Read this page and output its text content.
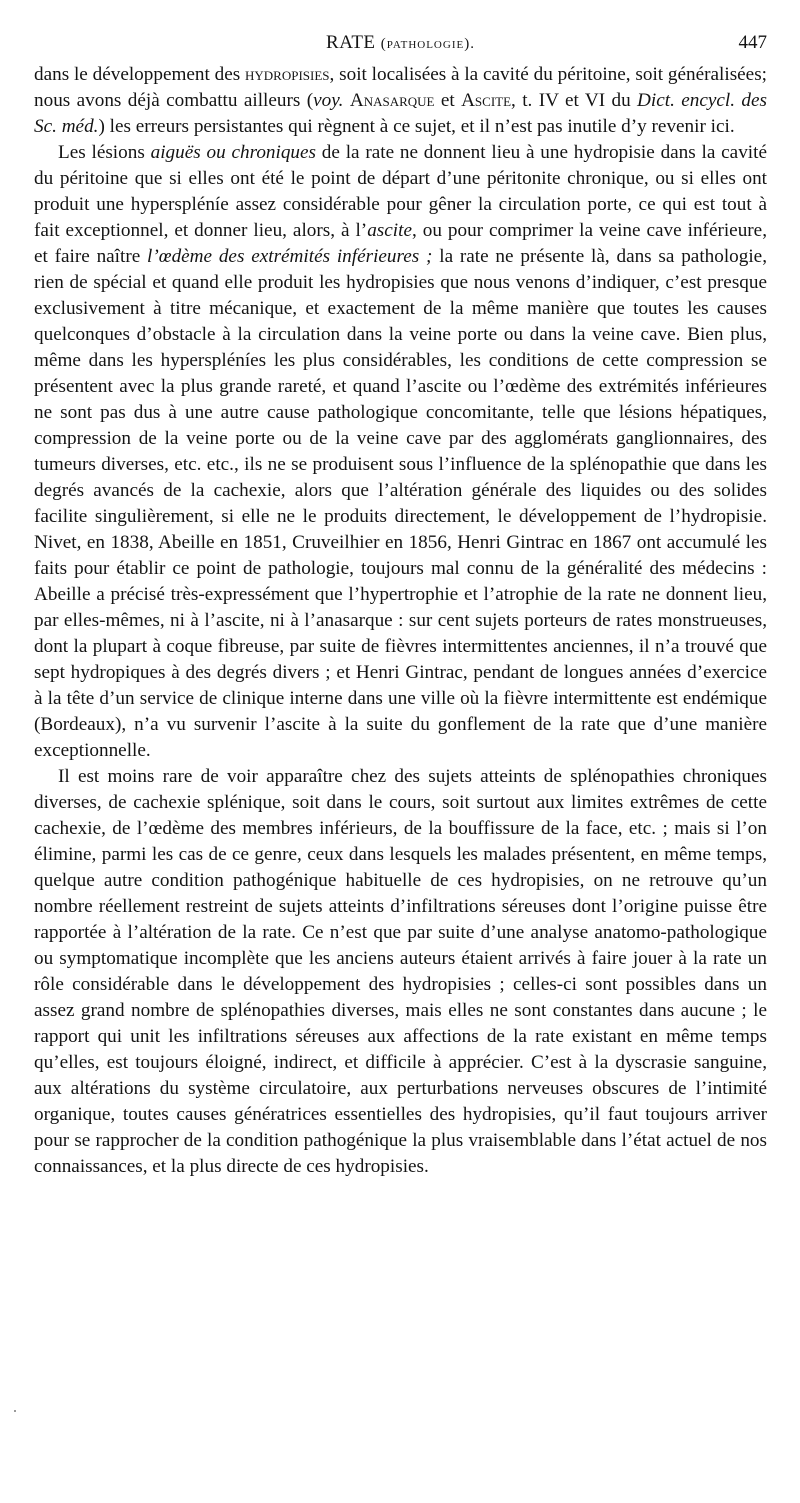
RATE (pathologie).	447

dans le développement des hydropisies, soit localisées à la cavité du péritoine, soit généralisées; nous avons déjà combattu ailleurs (voy. Anasarque et Ascite, t. IV et VI du Dict. encycl. des Sc. méd.) les erreurs persistantes qui règnent à ce sujet, et il n’est pas inutile d’y revenir ici.

Les lésions aiguës ou chroniques de la rate ne donnent lieu à une hydropisie dans la cavité du péritoine que si elles ont été le point de départ d’une péritonite chronique, ou si elles ont produit une hyperspléníe assez considérable pour gêner la circulation porte, ce qui est tout à fait exceptionnel, et donner lieu, alors, à l’ascite, ou pour comprimer la veine cave inférieure, et faire naître l’œdème des extrémités inférieures ; la rate ne présente là, dans sa pathologie, rien de spécial et quand elle produit les hydropisies que nous venons d’indiquer, c’est presque exclusivement à titre mécanique, et exactement de la même manière que toutes les causes quelconques d’obstacle à la circulation dans la veine porte ou dans la veine cave. Bien plus, même dans les hyperspléníes les plus considérables, les conditions de cette compression se présentent avec la plus grande rareté, et quand l’ascite ou l’œdème des extrémités inférieures ne sont pas dus à une autre cause pathologique concomitante, telle que lésions hépatiques, compression de la veine porte ou de la veine cave par des agglomérats ganglionnaires, des tumeurs diverses, etc. etc., ils ne se produisent sous l’influence de la splénopathie que dans les degrés avancés de la cachexie, alors que l’altération générale des liquides ou des solides facilite singulièrement, si elle ne le produits directement, le développement de l’hydropisie. Nivet, en 1838, Abeille en 1851, Cruveilhier en 1856, Henri Gintrac en 1867 ont accumulé les faits pour établir ce point de pathologie, toujours mal connu de la généralité des médecins : Abeille a précisé très-expressément que l’hypertrophie et l’atrophie de la rate ne donnent lieu, par elles-mêmes, ni à l’ascite, ni à l’anasarque : sur cent sujets porteurs de rates monstrueuses, dont la plupart à coque fibreuse, par suite de fièvres intermittentes anciennes, il n’a trouvé que sept hydropiques à des degrés divers ; et Henri Gintrac, pendant de longues années d’exercice à la tête d’un service de clinique interne dans une ville où la fièvre intermittente est endémique (Bordeaux), n’a vu survenir l’ascite à la suite du gonflement de la rate que d’une manière exceptionnelle.

Il est moins rare de voir apparaître chez des sujets atteints de splénopathies chroniques diverses, de cachexie splénique, soit dans le cours, soit surtout aux limites extrêmes de cette cachexie, de l’œdème des membres inférieurs, de la bouffissure de la face, etc. ; mais si l’on élimine, parmi les cas de ce genre, ceux dans lesquels les malades présentent, en même temps, quelque autre condition pathogénique habituelle de ces hydropisies, on ne retrouve qu’un nombre réellement restreint de sujets atteints d’infiltrations séreuses dont l’origine puisse être rapportée à l’altération de la rate. Ce n’est que par suite d’une analyse anatomo-pathologique ou symptomatique incomplète que les anciens auteurs étaient arrivés à faire jouer à la rate un rôle considérable dans le développement des hydropisies ; celles-ci sont possibles dans un assez grand nombre de splénopathies diverses, mais elles ne sont constantes dans aucune ; le rapport qui unit les infiltrations séreuses aux affections de la rate existant en même temps qu’elles, est toujours éloigné, indirect, et difficile à apprécier. C’est à la dyscrasie sanguine, aux altérations du système circulatoire, aux perturbations nerveuses obscures de l’intimité organique, toutes causes génératrices essentielles des hydropisies, qu’il faut toujours arriver pour se rapprocher de la condition pathogénique la plus vraisemblable dans l’état actuel de nos connaissances, et la plus directe de ces hydropisies.
